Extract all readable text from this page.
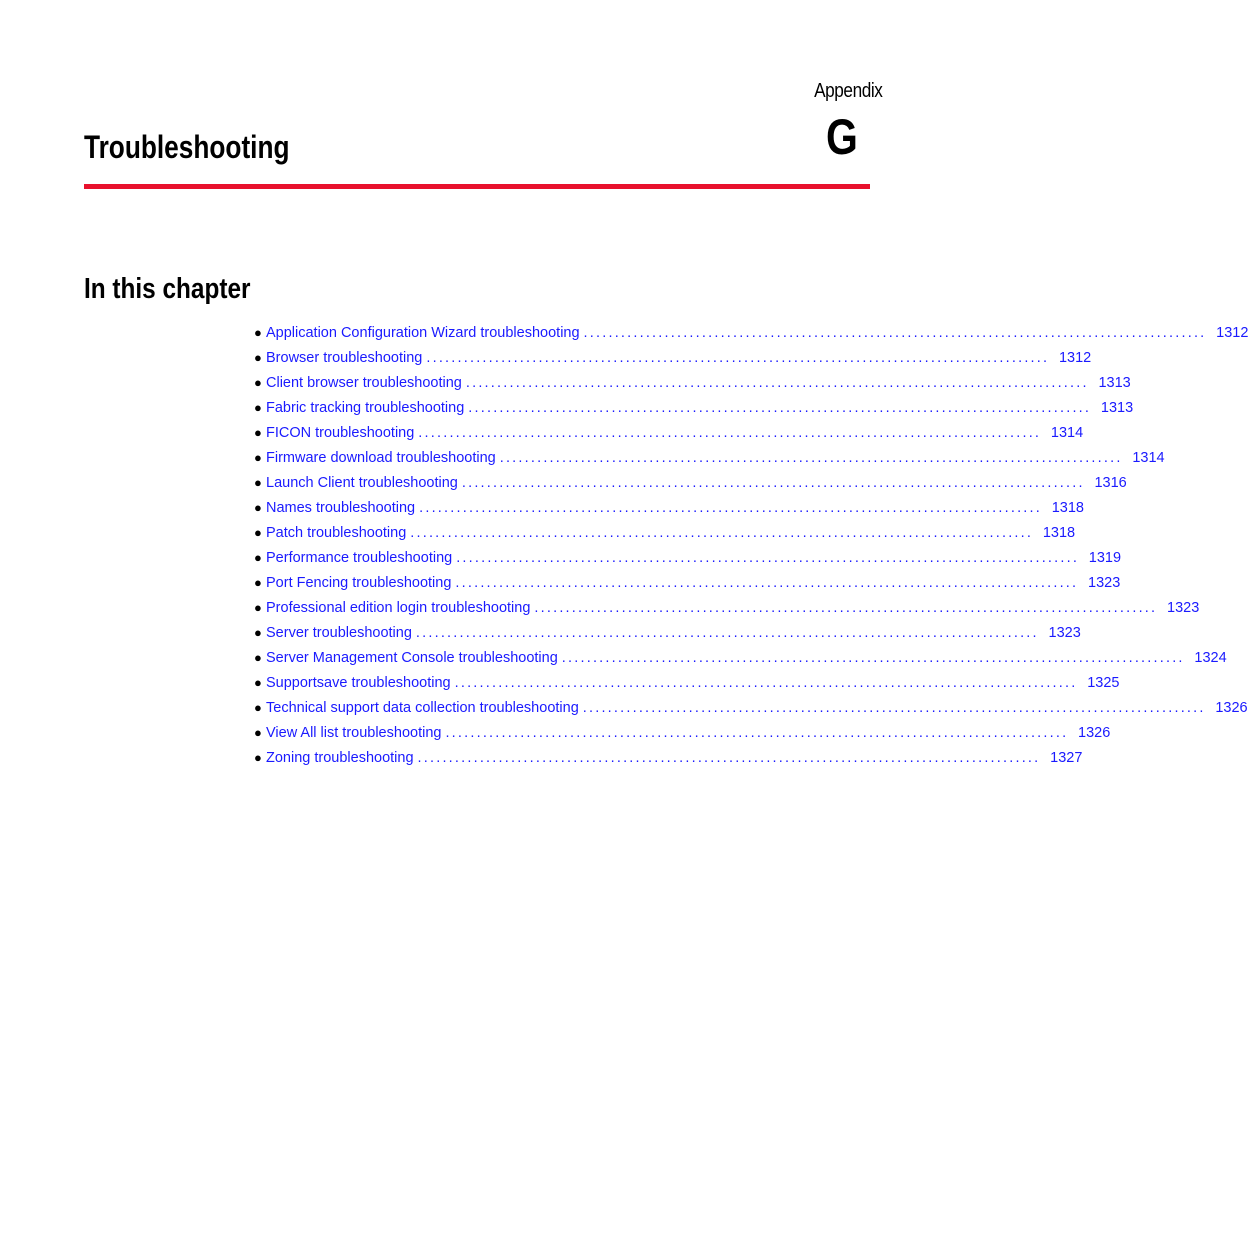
Appendix
G
Troubleshooting
In this chapter
● Application Configuration Wizard troubleshooting .................................................................................................... 1312
● Browser troubleshooting .................................................................................................... 1312
● Client browser troubleshooting .................................................................................................... 1313
● Fabric tracking troubleshooting .................................................................................................... 1313
● FICON troubleshooting .................................................................................................... 1314
● Firmware download troubleshooting .................................................................................................... 1314
● Launch Client troubleshooting .................................................................................................... 1316
● Names troubleshooting .................................................................................................... 1318
● Patch troubleshooting .................................................................................................... 1318
● Performance troubleshooting .................................................................................................... 1319
● Port Fencing troubleshooting .................................................................................................... 1323
● Professional edition login troubleshooting .................................................................................................... 1323
● Server troubleshooting .................................................................................................... 1323
● Server Management Console troubleshooting .................................................................................................... 1324
● Supportsave troubleshooting .................................................................................................... 1325
● Technical support data collection troubleshooting .................................................................................................... 1326
● View All list troubleshooting .................................................................................................... 1326
● Zoning troubleshooting .................................................................................................... 1327
